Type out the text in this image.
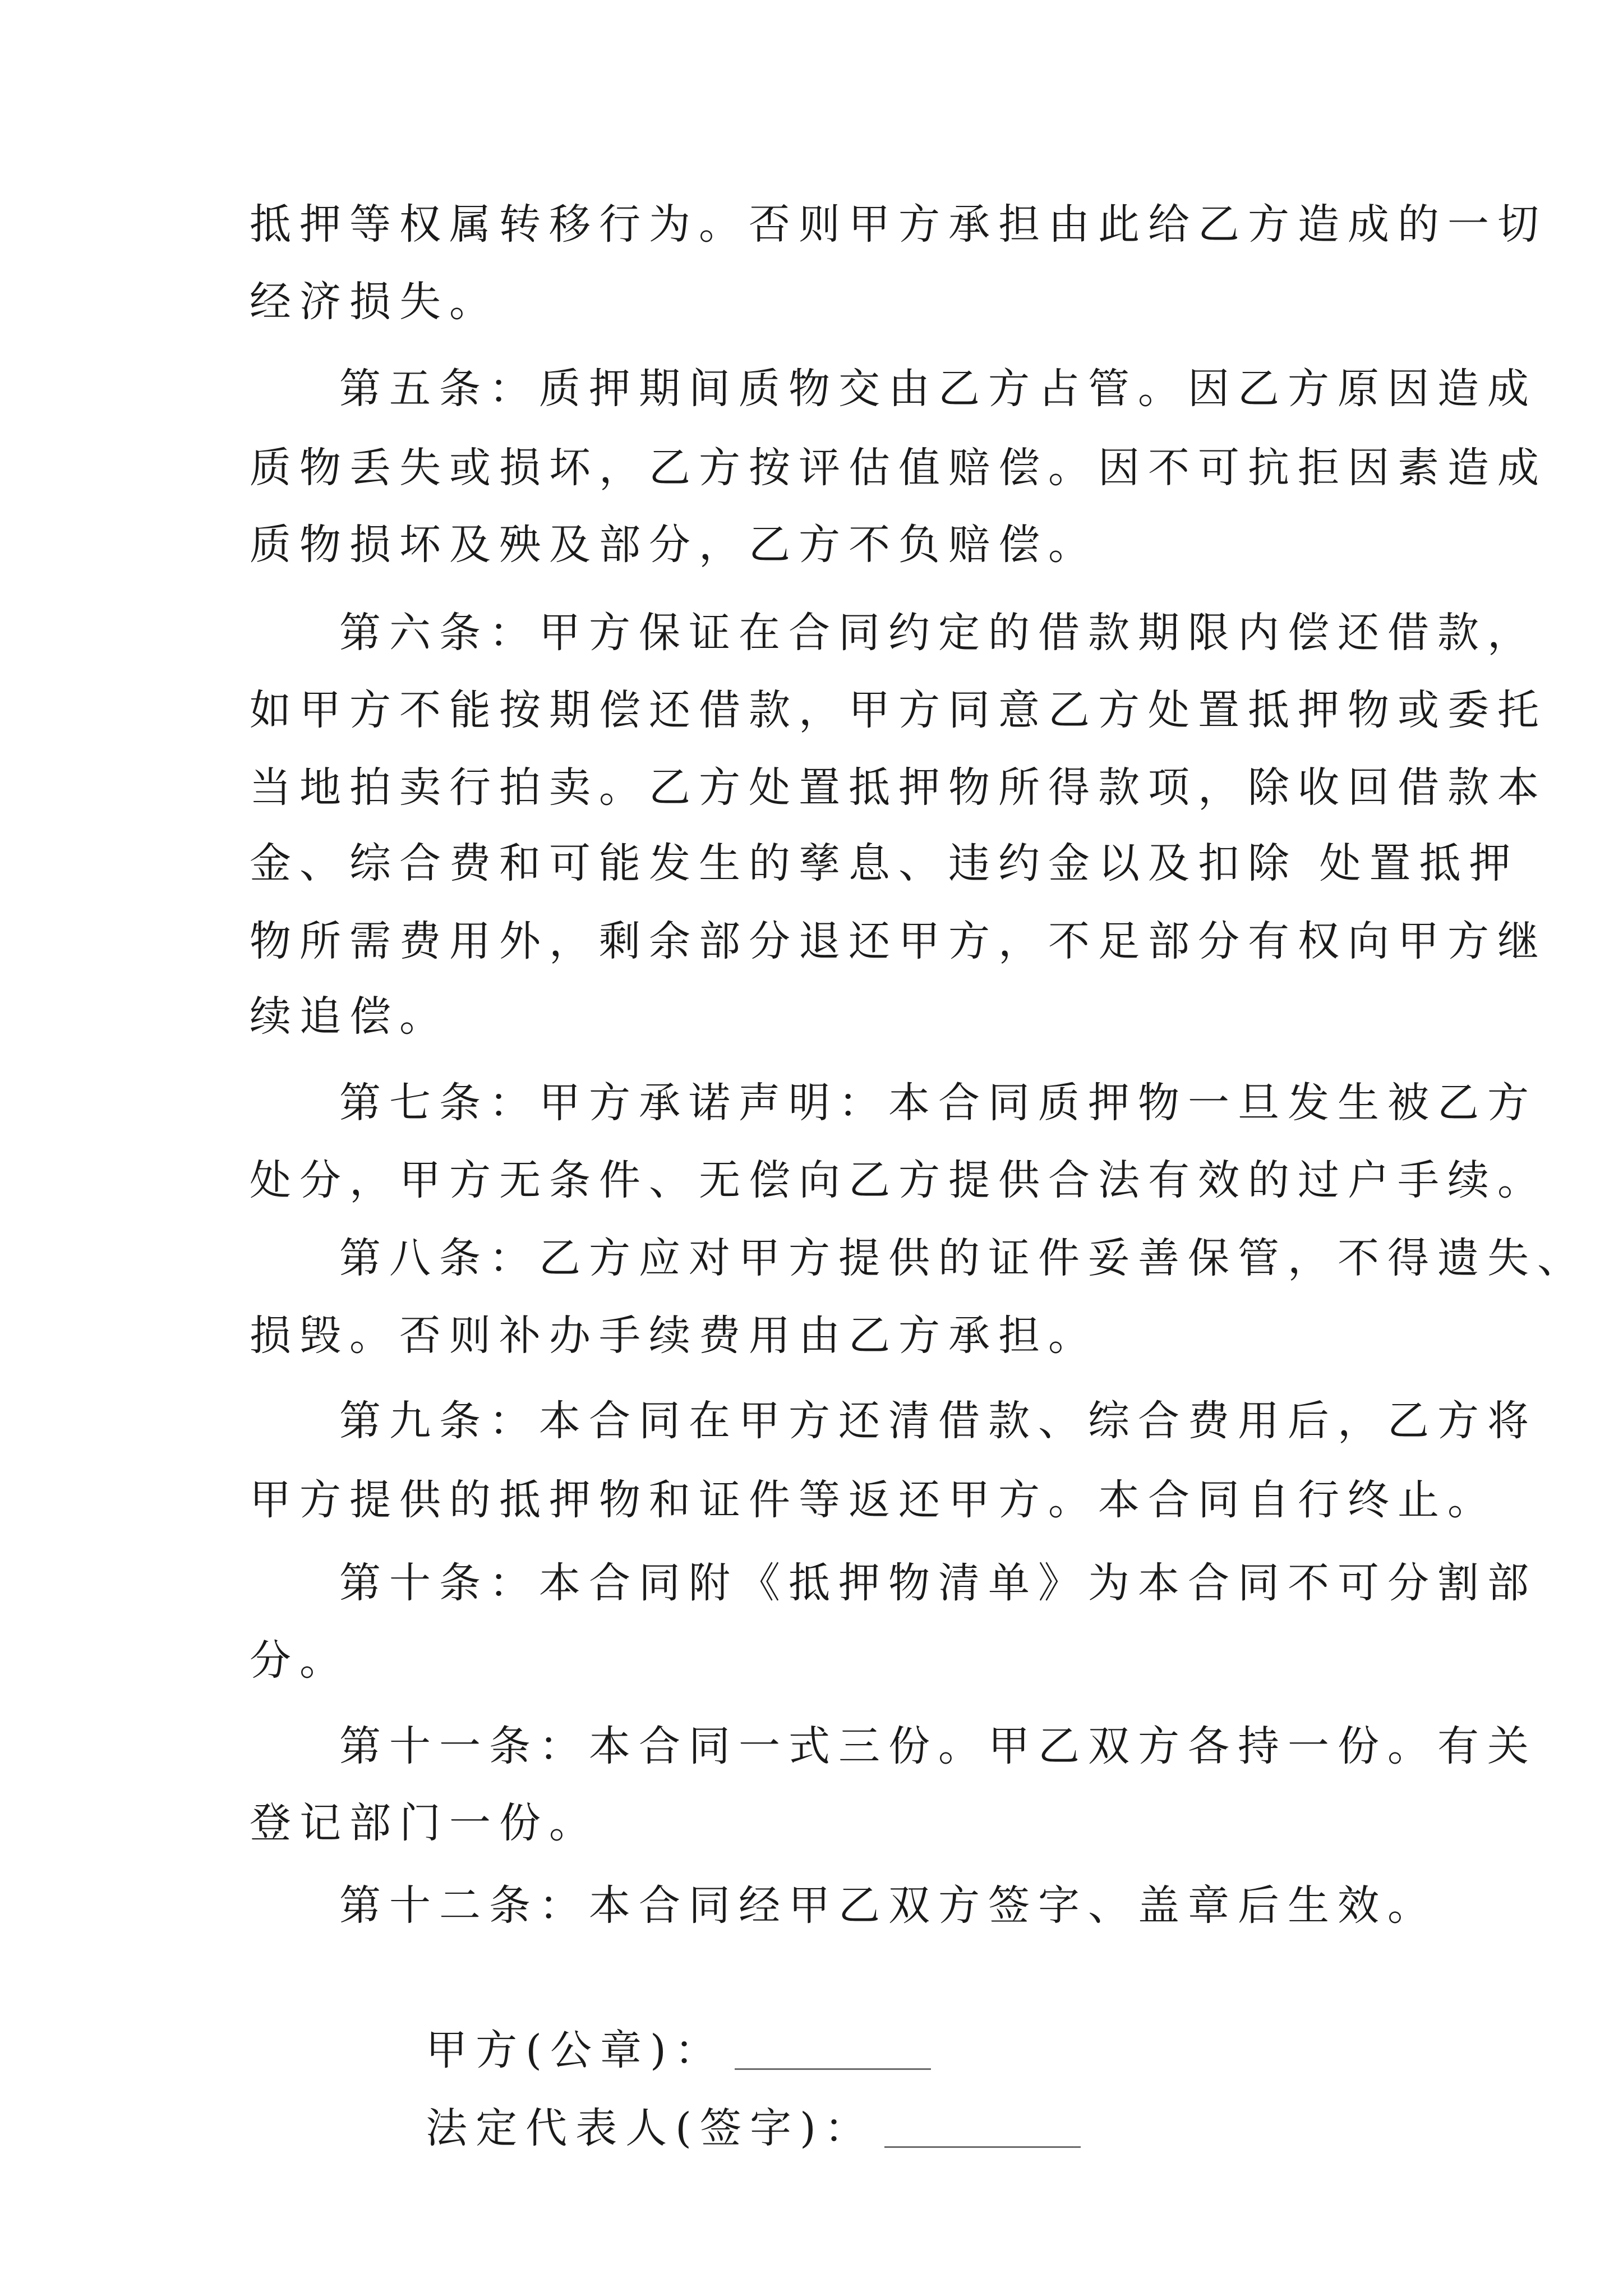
抵押等权属转移行为。否则甲方承担由此给乙方造成的一切
经济损失。
第五条：质押期间质物交由乙方占管。因乙方原因造成
质物丢失或损坏，乙方按评估值赔偿。因不可抗拒因素造成
质物损坏及殃及部分，乙方不负赔偿。
第六条：甲方保证在合同约定的借款期限内偿还借款，
如甲方不能按期偿还借款，甲方同意乙方处置抵押物或委托
当地拍卖行拍卖。乙方处置抵押物所得款项，除收回借款本
金、综合费和可能发生的孳息、违约金以及扣除 处置抵押
物所需费用外，剩余部分退还甲方，不足部分有权向甲方继
续追偿。
第七条：甲方承诺声明：本合同质押物一旦发生被乙方
处分，甲方无条件、无偿向乙方提供合法有效的过户手续。
第八条：乙方应对甲方提供的证件妥善保管，不得遗失、
损毁。否则补办手续费用由乙方承担。
第九条：本合同在甲方还清借款、综合费用后，乙方将
甲方提供的抵押物和证件等返还甲方。本合同自行终止。
第十条：本合同附《抵押物清单》为本合同不可分割部
分。
第十一条：本合同一式三份。甲乙双方各持一份。有关
登记部门一份。
第十二条：本合同经甲乙双方签字、盖章后生效。

甲方(公章)：

法定代表人(签字)：
